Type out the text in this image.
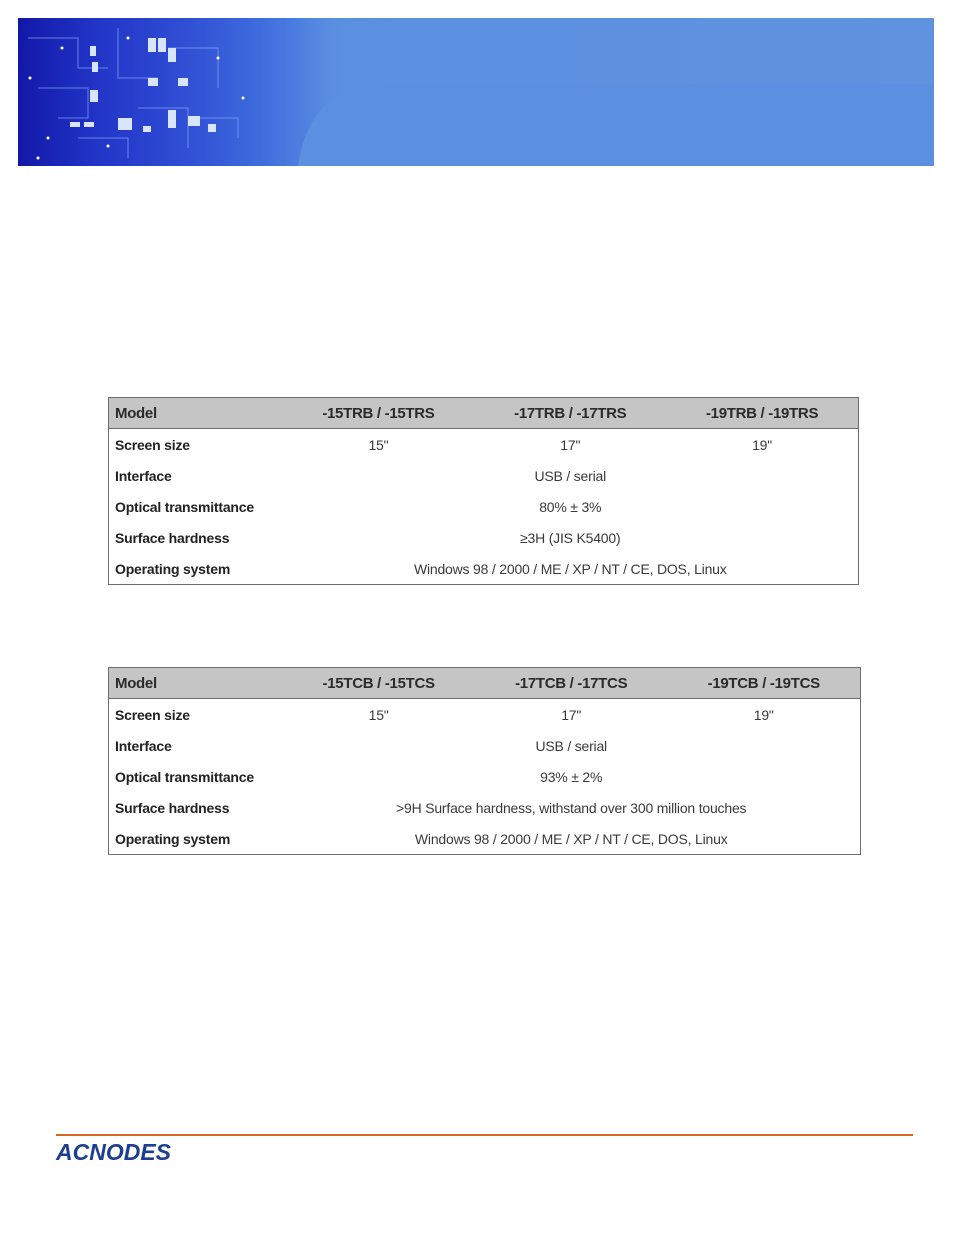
Model	-15TRB / -15TRS	-17TRB / -17TRS	-19TRB / -19TRS
Screen size	15"	17"	19"
Interface	USB / serial		
Optical transmittance	80% ± 3%		
Surface hardness	≥3H (JIS K5400)		
Operating system	Windows 98 / 2000 / ME / XP / NT / CE, DOS, Linux		
Model	-15TCB / -15TCS	-17TCB / -17TCS	-19TCB / -19TCS
Screen size	15"	17"	19"
Interface	USB / serial		
Optical transmittance	93% ± 2%		
Surface hardness	>9H Surface hardness, withstand over 300 million touches		
Operating system	Windows 98 / 2000 / ME / XP / NT / CE, DOS, Linux		
ACNODES
